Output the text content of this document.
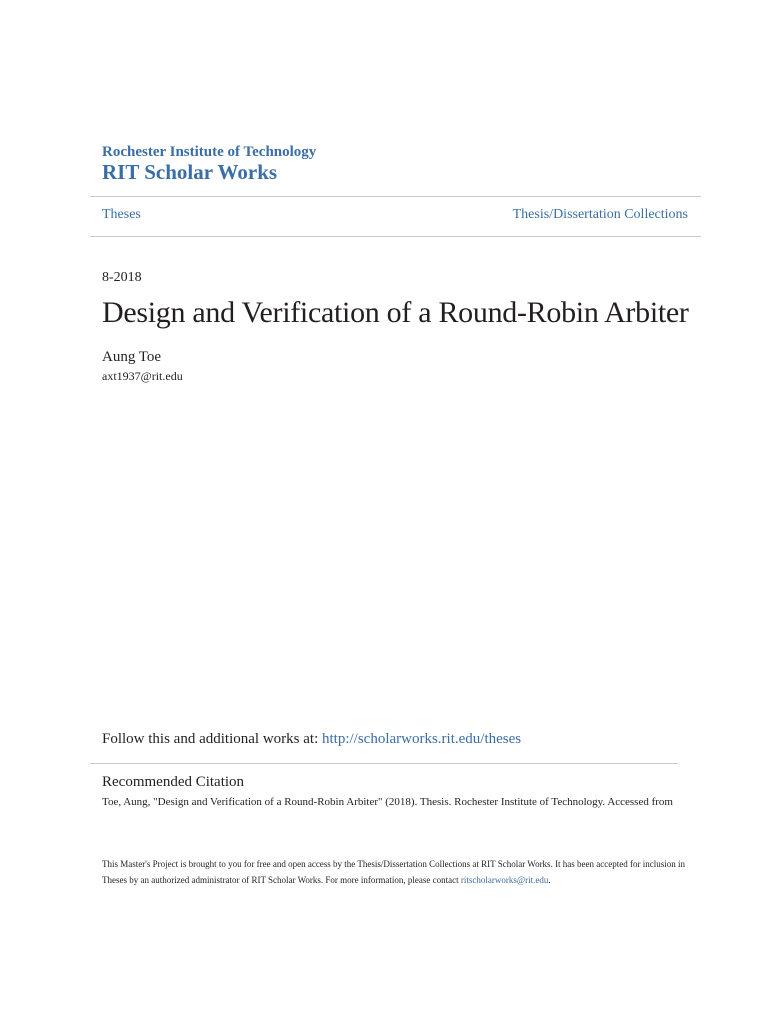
Rochester Institute of Technology
RIT Scholar Works
Theses	Thesis/Dissertation Collections
8-2018
Design and Verification of a Round-Robin Arbiter
Aung Toe
axt1937@rit.edu
Follow this and additional works at: http://scholarworks.rit.edu/theses
Recommended Citation
Toe, Aung, "Design and Verification of a Round-Robin Arbiter" (2018). Thesis. Rochester Institute of Technology. Accessed from
This Master's Project is brought to you for free and open access by the Thesis/Dissertation Collections at RIT Scholar Works. It has been accepted for inclusion in Theses by an authorized administrator of RIT Scholar Works. For more information, please contact ritscholarworks@rit.edu.
